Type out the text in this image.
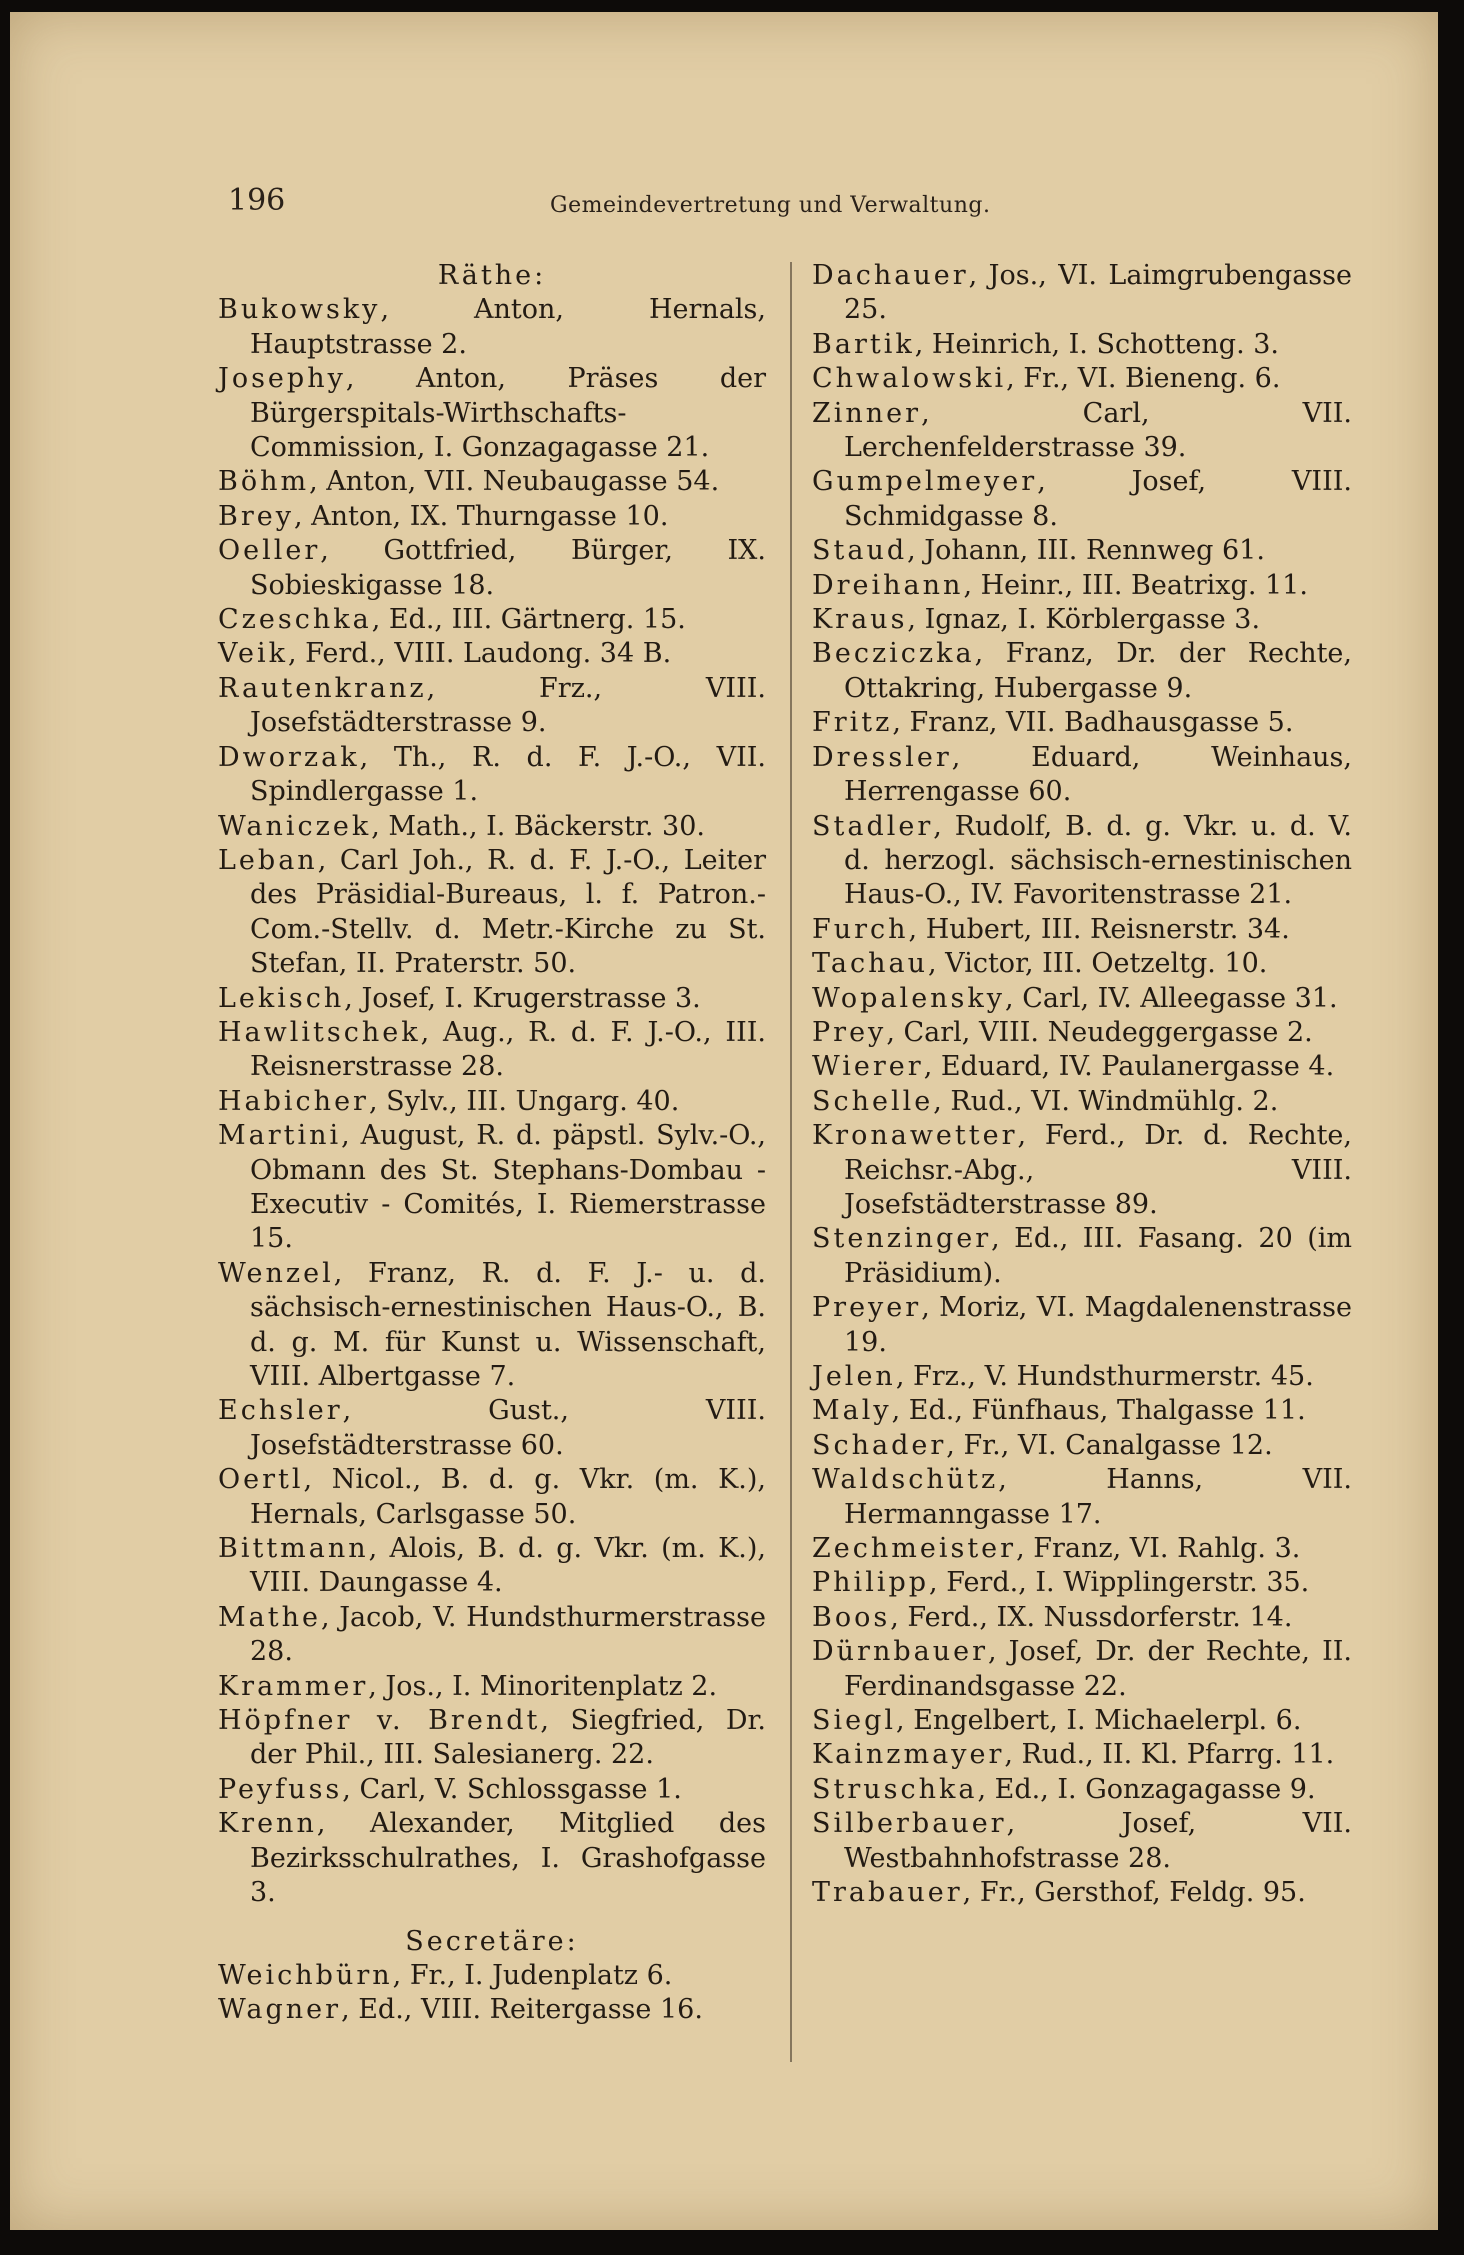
196	Gemeindevertretung und Verwaltung.
Räthe:
Bukowsky, Anton, Hernals, Hauptstrasse 2.
Josephy, Anton, Präses der Bürgerspitals-Wirthschafts-Commission, I. Gonzagagasse 21.
Böhm, Anton, VII. Neubaugasse 54.
Brey, Anton, IX. Thurngasse 10.
Oeller, Gottfried, Bürger, IX. Sobieskigasse 18.
Czeschka, Ed., III. Gärtnerg. 15.
Veik, Ferd., VIII. Laudong. 34 B.
Rautenkranz, Frz., VIII. Josefstädterstrasse 9.
Dworzak, Th., R. d. F. J.-O., VII. Spindlergasse 1.
Waniczek, Math., I. Bäckerstr. 30.
Leban, Carl Joh., R. d. F. J.-O., Leiter des Präsidial-Bureaus, l. f. Patron.-Com.-Stellv. d. Metr.-Kirche zu St. Stefan, II. Praterstr. 50.
Lekisch, Josef, I. Krugerstrasse 3.
Hawlitschek, Aug., R. d. F. J.-O., III. Reisnerstrasse 28.
Habicher, Sylv., III. Ungarg. 40.
Martini, August, R. d. päpstl. Sylv.-O., Obmann des St. Stephans-Dombau - Executiv - Comités, I. Riemerstrasse 15.
Wenzel, Franz, R. d. F. J.- u. d. sächsisch-ernestinischen Haus-O., B. d. g. M. für Kunst u. Wissenschaft, VIII. Albertgasse 7.
Echsler, Gust., VIII. Josefstädterstrasse 60.
Oertl, Nicol., B. d. g. Vkr. (m. K.), Hernals, Carlsgasse 50.
Bittmann, Alois, B. d. g. Vkr. (m. K.), VIII. Daungasse 4.
Mathe, Jacob, V. Hundsthurmerstrasse 28.
Krammer, Jos., I. Minoritenplatz 2.
Höpfner v. Brendt, Siegfried, Dr. der Phil., III. Salesianerg. 22.
Peyfuss, Carl, V. Schlossgasse 1.
Krenn, Alexander, Mitglied des Bezirksschulrathes, I. Grashofgasse 3.
Secretäre:
Weichbürn, Fr., I. Judenplatz 6.
Wagner, Ed., VIII. Reitergasse 16.
Dachauer, Jos., VI. Laimgrubengasse 25.
Bartik, Heinrich, I. Schotteng. 3.
Chwalowski, Fr., VI. Bieneng. 6.
Zinner, Carl, VII. Lerchenfelderstrasse 39.
Gumpelmeyer, Josef, VIII. Schmidgasse 8.
Staud, Johann, III. Rennweg 61.
Dreihann, Heinr., III. Beatrixg. 11.
Kraus, Ignaz, I. Körblergasse 3.
Becziczka, Franz, Dr. der Rechte, Ottakring, Hubergasse 9.
Fritz, Franz, VII. Badhausgasse 5.
Dressler, Eduard, Weinhaus, Herrengasse 60.
Stadler, Rudolf, B. d. g. Vkr. u. d. V. d. herzogl. sächsisch-ernestinischen Haus-O., IV. Favoritenstrasse 21.
Furch, Hubert, III. Reisnerstr. 34.
Tachau, Victor, III. Oetzeltg. 10.
Wopalensky, Carl, IV. Alleegasse 31.
Prey, Carl, VIII. Neudeggergasse 2.
Wierer, Eduard, IV. Paulanergasse 4.
Schelle, Rud., VI. Windmühlg. 2.
Kronawetter, Ferd., Dr. d. Rechte, Reichsr.-Abg., VIII. Josefstädterstrasse 89.
Stenzinger, Ed., III. Fasang. 20 (im Präsidium).
Preyer, Moriz, VI. Magdalenenstrasse 19.
Jelen, Frz., V. Hundsthurmerstr. 45.
Maly, Ed., Fünfhaus, Thalgasse 11.
Schader, Fr., VI. Canalgasse 12.
Waldschütz, Hanns, VII. Hermanngasse 17.
Zechmeister, Franz, VI. Rahlg. 3.
Philipp, Ferd., I. Wipplingerstr. 35.
Boos, Ferd., IX. Nussdorferstr. 14.
Dürnbauer, Josef, Dr. der Rechte, II. Ferdinandsgasse 22.
Siegl, Engelbert, I. Michaelerpl. 6.
Kainzmayer, Rud., II. Kl. Pfarrg. 11.
Struschka, Ed., I. Gonzagagasse 9.
Silberbauer, Josef, VII. Westbahnhofstrasse 28.
Trabauer, Fr., Gersthof, Feldg. 95.
